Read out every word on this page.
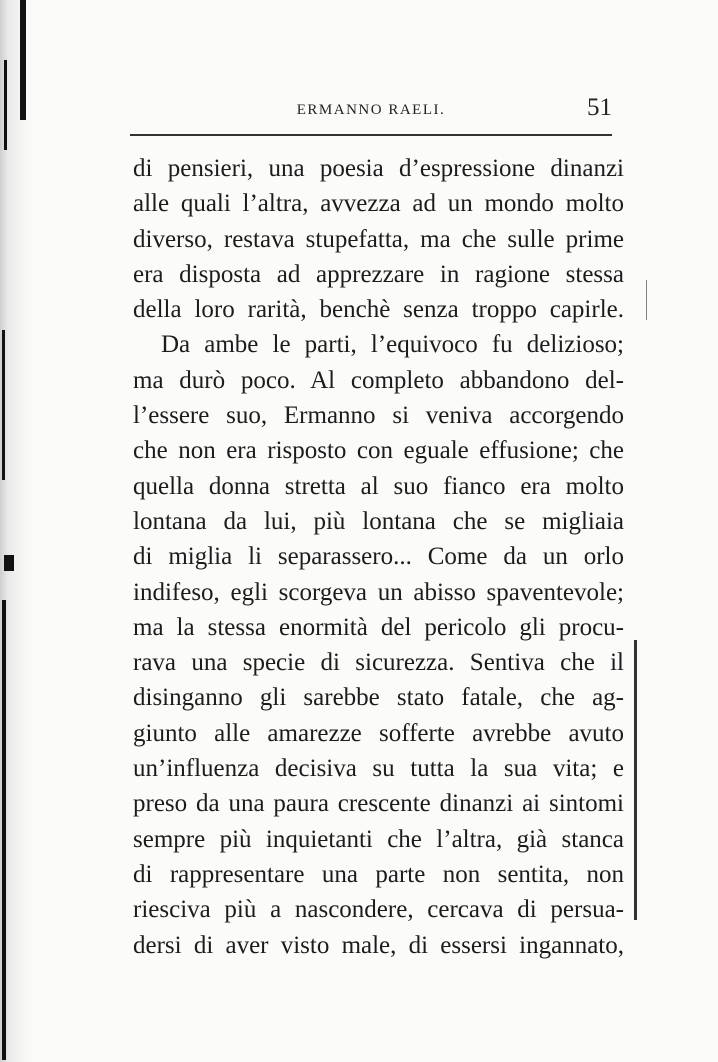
ERMANNO RAELI.	51
di pensieri, una poesia d’espressione dinanzi
alle quali l’altra, avvezza ad un mondo molto
diverso, restava stupefatta, ma che sulle prime
era disposta ad apprezzare in ragione stessa
della loro rarità, benchè senza troppo capirle.
Da ambe le parti, l’equivoco fu delizioso;
ma durò poco. Al completo abbandono del-
l’essere suo, Ermanno si veniva accorgendo
che non era risposto con eguale effusione; che
quella donna stretta al suo fianco era molto
lontana da lui, più lontana che se migliaia
di miglia li separassero... Come da un orlo
indifeso, egli scorgeva un abisso spaventevole;
ma la stessa enormità del pericolo gli procu-
rava una specie di sicurezza. Sentiva che il
disinganno gli sarebbe stato fatale, che ag-
giunto alle amarezze sofferte avrebbe avuto
un’influenza decisiva su tutta la sua vita; e
preso da una paura crescente dinanzi ai sintomi
sempre più inquietanti che l’altra, già stanca
di rappresentare una parte non sentita, non
riesciva più a nascondere, cercava di persua-
dersi di aver visto male, di essersi ingannato,
